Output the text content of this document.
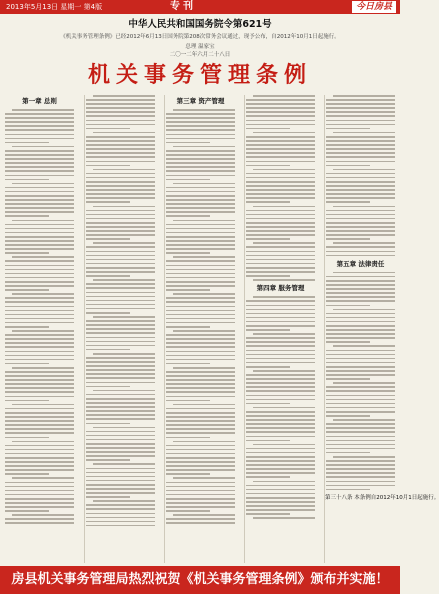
2013年5月13日 星期一 第4版	专刊	今日房县
中华人民共和国国务院令第621号
《机关事务管理条例》已经2012年6月13日国务院第208次常务会议通过，现予公布，自2012年10月1日起施行。
总理 温家宝
二〇一二年六月二十八日
机关事务管理条例
第一章 总则	第三章 资产管理
第四章 服务管理
第五章 法律责任
第三十八条 本条例自2012年10月1日起施行。
房县机关事务管理局热烈祝贺《机关事务管理条例》颁布并实施！
